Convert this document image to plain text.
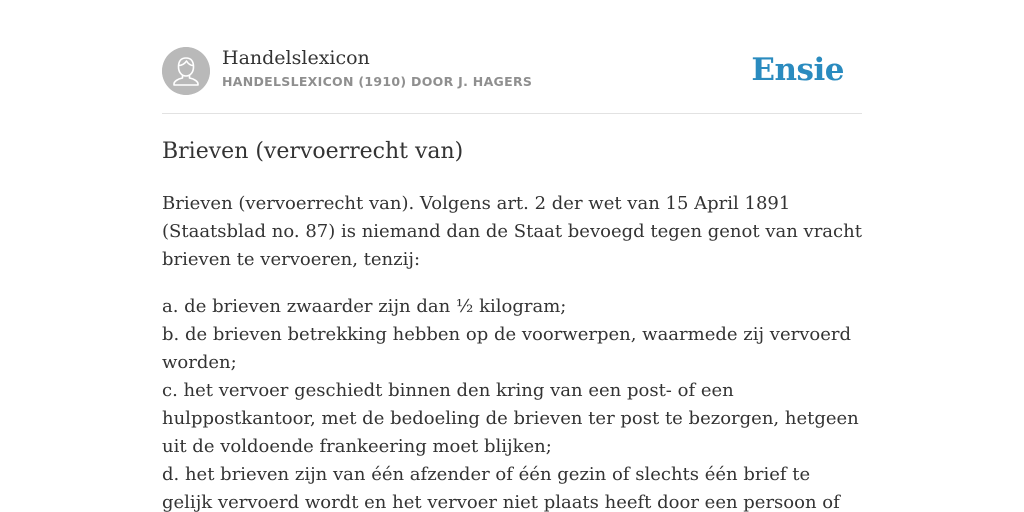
Handelslexicon
HANDELSLEXICON (1910) DOOR J. HAGERS	Ensie
Brieven (vervoerrecht van)

Brieven (vervoerrecht van). Volgens art. 2 der wet van 15 April 1891 (Staatsblad no. 87) is niemand dan de Staat bevoegd tegen genot van vracht brieven te vervoeren, tenzij:

a. de brieven zwaarder zijn dan ½ kilogram;

b. de brieven betrekking hebben op de voorwerpen, waarmede zij vervoerd worden;

c. het vervoer geschiedt binnen den kring van een post- of een hulppostkantoor, met de bedoeling de brieven ter post te bezorgen, hetgeen uit de voldoende frankeering moet blijken;

d. het brieven zijn van één afzender of één gezin of slechts één brief te gelijk vervoerd wordt en het vervoer niet plaats heeft door een persoon of
